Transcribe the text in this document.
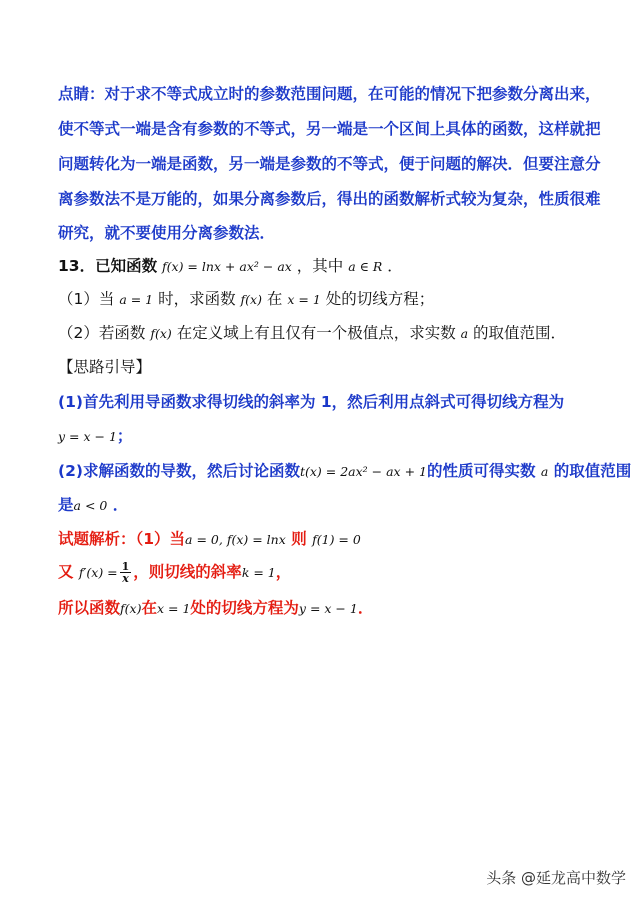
点睛：对于求不等式成立时的参数范围问题，在可能的情况下把参数分离出来，
使不等式一端是含有参数的不等式，另一端是一个区间上具体的函数，这样就把
问题转化为一端是函数，另一端是参数的不等式，便于问题的解决．但要注意分
离参数法不是万能的，如果分离参数后，得出的函数解析式较为复杂，性质很难
研究，就不要使用分离参数法．
13．已知函数 f(x) = lnx + ax² − ax ，其中 a ∈ R ．
（1）当 a = 1 时，求函数 f(x) 在 x = 1 处的切线方程；
（2）若函数 f(x) 在定义域上有且仅有一个极值点，求实数 a 的取值范围．
【思路引导】
(1)首先利用导函数求得切线的斜率为 1，然后利用点斜式可得切线方程为
y = x − 1；
(2)求解函数的导数，然后讨论函数t(x) = 2ax² − ax + 1的性质可得实数 a 的取值范围
是a < 0 ．
试题解析：（1）当a = 0, f(x) = lnx 则 f(1) = 0
又 $f'(x) = \frac{1}{x}$ ，则切线的斜率k = 1，
所以函数f(x)在x = 1处的切线方程为y = x − 1．
头条 @延龙高中数学
